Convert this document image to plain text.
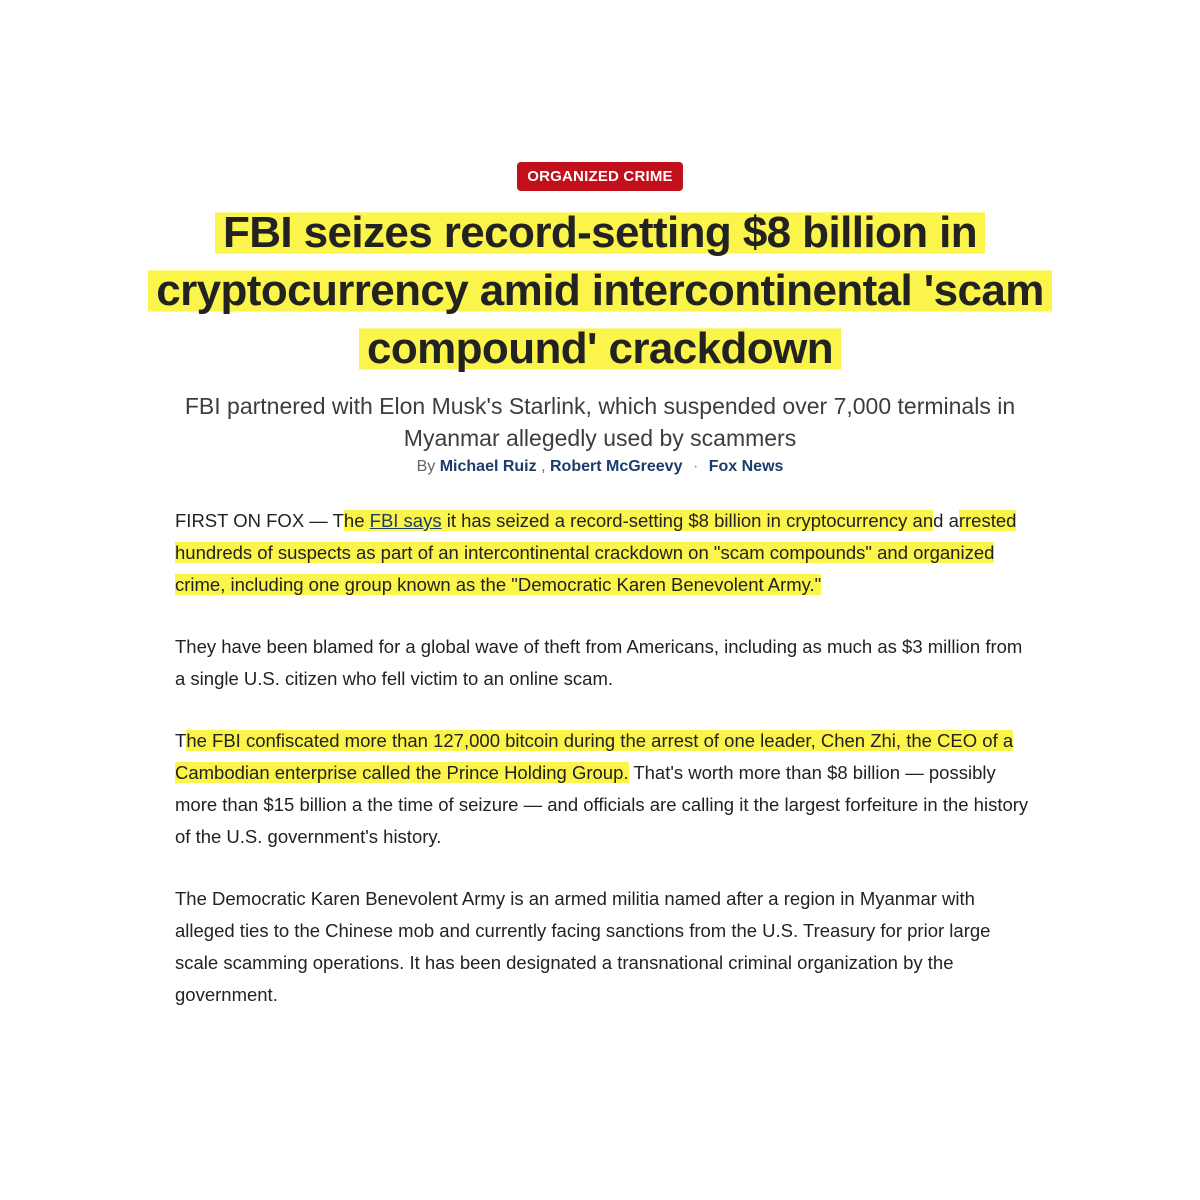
ORGANIZED CRIME
FBI seizes record-setting $8 billion in cryptocurrency amid intercontinental 'scam compound' crackdown

FBI partnered with Elon Musk's Starlink, which suspended over 7,000 terminals in Myanmar allegedly used by scammers

By Michael Ruiz , Robert McGreevy · Fox News

FIRST ON FOX — The FBI says it has seized a record-setting $8 billion in cryptocurrency and arrested hundreds of suspects as part of an intercontinental crackdown on "scam compounds" and organized crime, including one group known as the "Democratic Karen Benevolent Army."

They have been blamed for a global wave of theft from Americans, including as much as $3 million from a single U.S. citizen who fell victim to an online scam.

The FBI confiscated more than 127,000 bitcoin during the arrest of one leader, Chen Zhi, the CEO of a Cambodian enterprise called the Prince Holding Group. That's worth more than $8 billion — possibly more than $15 billion a the time of seizure — and officials are calling it the largest forfeiture in the history of the U.S. government's history.

The Democratic Karen Benevolent Army is an armed militia named after a region in Myanmar with alleged ties to the Chinese mob and currently facing sanctions from the U.S. Treasury for prior large scale scamming operations. It has been designated a transnational criminal organization by the government.
